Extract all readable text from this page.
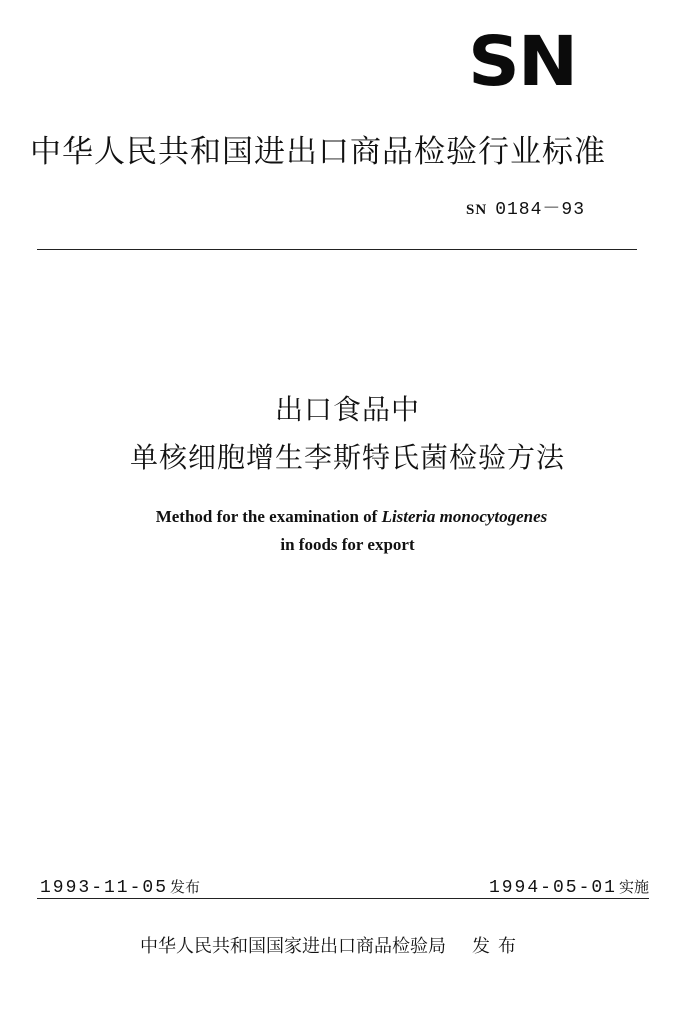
SN
中华人民共和国进出口商品检验行业标准
SN 0184－93
出口食品中
单核细胞增生李斯特氏菌检验方法
Method for the examination of Listeria monocytogenes
in foods for export
1993-11-05 发布	1994-05-01 实施
中华人民共和国国家进出口商品检验局 发布
